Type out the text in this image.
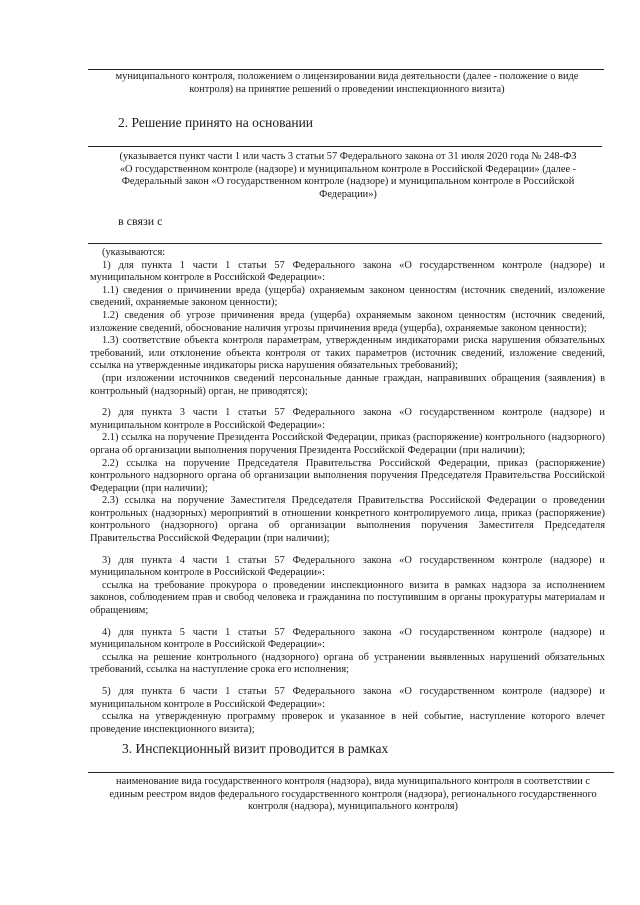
муниципального контроля, положением о лицензировании вида деятельности (далее - положение о виде
контроля) на принятие решений о проведении инспекционного визита)
2. Решение принято на основании
(указывается пункт части 1 или часть 3 статьи 57 Федерального закона от 31 июля 2020 года № 248-ФЗ
«О государственном контроле (надзоре) и муниципальном контроле в Российской Федерации» (далее -
Федеральный закон «О государственном контроле (надзоре) и муниципальном контроле в Российской
Федерации»)
в связи с

(указываются:

1) для пункта 1 части 1 статьи 57 Федерального закона «О государственном контроле (надзоре) и муниципальном контроле в Российской Федерации»:

1.1) сведения о причинении вреда (ущерба) охраняемым законом ценностям (источник сведений, изложение сведений, охраняемые законом ценности);

1.2) сведения об угрозе причинения вреда (ущерба) охраняемым законом ценностям (источник сведений, изложение сведений, обоснование наличия угрозы причинения вреда (ущерба), охраняемые законом ценности);

1.3) соответствие объекта контроля параметрам, утвержденным индикаторами риска нарушения обязательных требований, или отклонение объекта контроля от таких параметров (источник сведений, изложение сведений, ссылка на утвержденные индикаторы риска нарушения обязательных требований);

(при изложении источников сведений персональные данные граждан, направивших обращения (заявления) в контрольный (надзорный) орган, не приводятся);

2) для пункта 3 части 1 статьи 57 Федерального закона «О государственном контроле (надзоре) и муниципальном контроле в Российской Федерации»:

2.1) ссылка на поручение Президента Российской Федерации, приказ (распоряжение) контрольного (надзорного) органа об организации выполнения поручения Президента Российской Федерации (при наличии);

2.2) ссылка на поручение Председателя Правительства Российской Федерации, приказ (распоряжение) контрольного надзорного органа об организации выполнения поручения Председателя Правительства Российской Федерации (при наличии);

2.3) ссылка на поручение Заместителя Председателя Правительства Российской Федерации о проведении контрольных (надзорных) мероприятий в отношении конкретного контролируемого лица, приказ (распоряжение) контрольного (надзорного) органа об организации выполнения поручения Заместителя Председателя Правительства Российской Федерации (при наличии);

3) для пункта 4 части 1 статьи 57 Федерального закона «О государственном контроле (надзоре) и муниципальном контроле в Российской Федерации»:

ссылка на требование прокурора о проведении инспекционного визита в рамках надзора за исполнением законов, соблюдением прав и свобод человека и гражданина по поступившим в органы прокуратуры материалам и обращениям;

4) для пункта 5 части 1 статьи 57 Федерального закона «О государственном контроле (надзоре) и муниципальном контроле в Российской Федерации»:

ссылка на решение контрольного (надзорного) органа об устранении выявленных нарушений обязательных требований, ссылка на наступление срока его исполнения;

5) для пункта 6 части 1 статьи 57 Федерального закона «О государственном контроле (надзоре) и муниципальном контроле в Российской Федерации»:

ссылка на утвержденную программу проверок и указанное в ней событие, наступление которого влечет проведение инспекционного визита);

3. Инспекционный визит проводится в рамках
наименование вида государственного контроля (надзора), вида муниципального контроля в соответствии с
единым реестром видов федерального государственного контроля (надзора), регионального государственного
контроля (надзора), муниципального контроля)
